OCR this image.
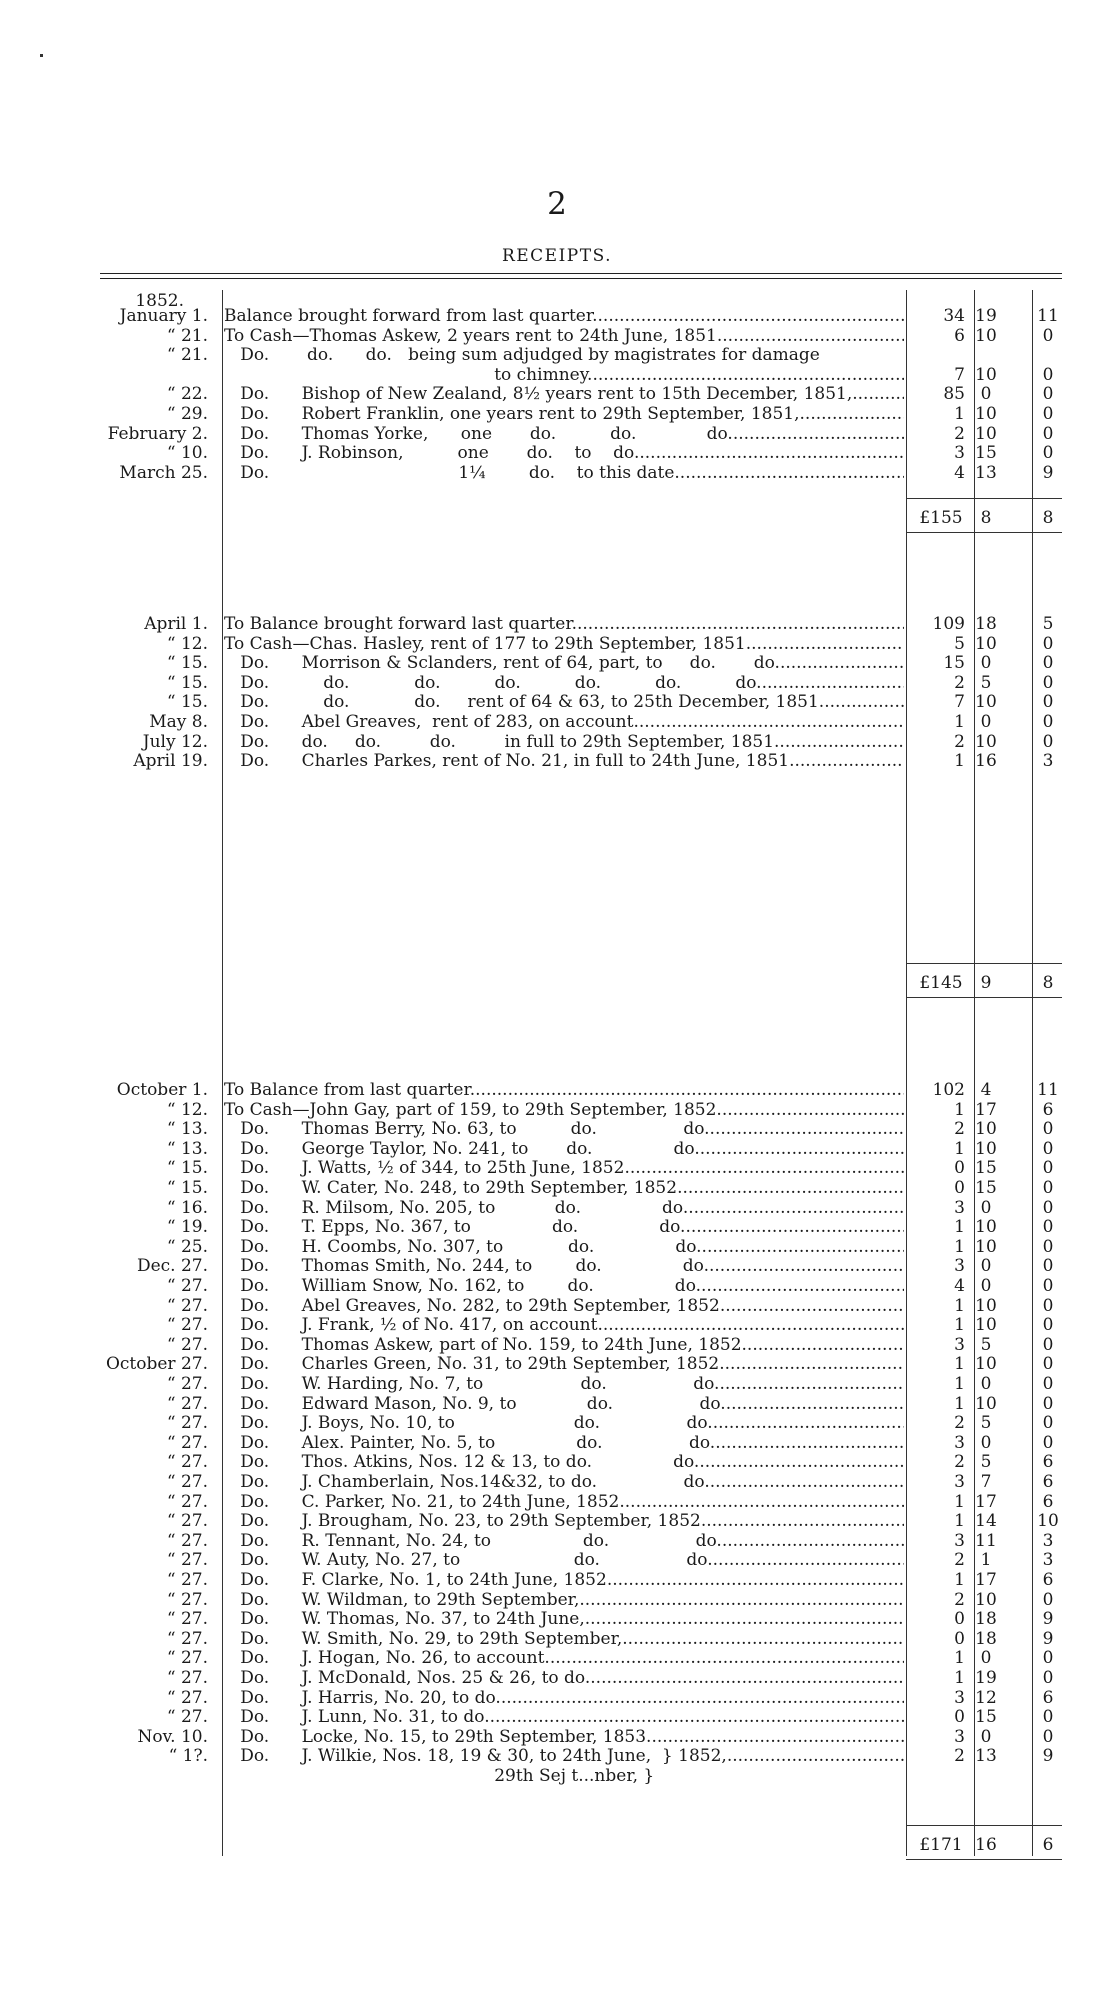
2
RECEIPTS.
1852.
January 1. Balance brought forward from last quarter .....	34 19	11
“ 21. To Cash—Thomas Askew, 2 years rent to 24th June, 1851 .....	6 10	0
“ 21. Do.       do.      do.   being sum adjudged by magistrates for damage
to chimney .....	7 10	0
“ 22. Do.      Bishop of New Zealand, 8½ years rent to 15th December, 1851, .....	85 0	0
“ 29. Do.      Robert Franklin, one years rent to 29th September, 1851, .....	1 10	0
February 2. Do.      Thomas Yorke,      one       do.          do.             do. .....	2 10	0
“ 10. Do.      J. Robinson,          one       do.    to    do. .....	3 15	0
March 25. Do.                                   1¼        do.    to this date .....	4 13	9
£155	8	8
April 1. To Balance brought forward last quarter .....	109 18	5
“ 12. To Cash—Chas. Hasley, rent of 177 to 29th September, 1851 .....	5 10	0
“ 15. Do.      Morrison & Sclanders, rent of 64, part, to     do.       do. .....	15 0	0
“ 15. Do.          do.            do.          do.          do.          do.          do. .....	2 5	0
“ 15. Do.          do.            do.     rent of 64 & 63, to 25th December, 1851 .....	7 10	0
May 8. Do.      Abel Greaves,  rent of 283, on account .....	1 0	0
July 12. Do.      do.     do.         do.         in full to 29th September, 1851 .....	2 10	0
April 19. Do.      Charles Parkes, rent of No. 21, in full to 24th June, 1851 .....	1 16	3
£145	9	8
October 1. To Balance from last quarter .....	102 4	11
“ 12. To Cash—John Gay, part of 159, to 29th September, 1852 .....	1 17	6
“ 13. Do.      Thomas Berry, No. 63, to          do.                do. .....	2 10	0
“ 13. Do.      George Taylor, No. 241, to       do.               do. .....	1 10	0
“ 15. Do.      J. Watts, ½ of 344, to 25th June, 1852 .....	0 15	0
“ 15. Do.      W. Cater, No. 248, to 29th September, 1852 .....	0 15	0
“ 16. Do.      R. Milsom, No. 205, to           do.               do. .....	3 0	0
“ 19. Do.      T. Epps, No. 367, to               do.               do. .....	1 10	0
“ 25. Do.      H. Coombs, No. 307, to            do.               do. .....	1 10	0
Dec. 27. Do.      Thomas Smith, No. 244, to        do.               do. .....	3 0	0
“ 27. Do.      William Snow, No. 162, to        do.               do. .....	4 0	0
“ 27. Do.      Abel Greaves, No. 282, to 29th September, 1852 .....	1 10	0
“ 27. Do.      J. Frank, ½ of No. 417, on account .....	1 10	0
“ 27. Do.      Thomas Askew, part of No. 159, to 24th June, 1852 .....	3 5	0
October 27. Do.      Charles Green, No. 31, to 29th September, 1852 .....	1 10	0
“ 27. Do.      W. Harding, No. 7, to                  do.                do. .....	1 0	0
“ 27. Do.      Edward Mason, No. 9, to             do.                do. .....	1 10	0
“ 27. Do.      J. Boys, No. 10, to                      do.                do. .....	2 5	0
“ 27. Do.      Alex. Painter, No. 5, to               do.                do. .....	3 0	0
“ 27. Do.      Thos. Atkins, Nos. 12 & 13, to do.               do. .....	2 5	6
“ 27. Do.      J. Chamberlain, Nos.14&32, to do.                do. .....	3 7	6
“ 27. Do.      C. Parker, No. 21, to 24th June, 1852 .....	1 17	6
“ 27. Do.      J. Brougham, No. 23, to 29th September, 1852 .....	1 14	10
“ 27. Do.      R. Tennant, No. 24, to                 do.                do. .....	3 11	3
“ 27. Do.      W. Auty, No. 27, to                     do.                do. .....	2 1	3
“ 27. Do.      F. Clarke, No. 1, to 24th June, 1852 .....	1 17	6
“ 27. Do.      W. Wildman, to 29th September, .....	2 10	0
“ 27. Do.      W. Thomas, No. 37, to 24th June, .....	0 18	9
“ 27. Do.      W. Smith, No. 29, to 29th September, .....	0 18	9
“ 27. Do.      J. Hogan, No. 26, to account .....	1 0	0
“ 27. Do.      J. McDonald, Nos. 25 & 26, to do. .....	1 19	0
“ 27. Do.      J. Harris, No. 20, to do. .....	3 12	6
“ 27. Do.      J. Lunn, No. 31, to do. .....	0 15	0
Nov. 10. Do.      Locke, No. 15, to 29th September, 1853 .....	3 0	0
“ 1?. Do.      J. Wilkie, Nos. 18, 19 & 30, to 24th June,  } 1852, .....	2 13	9
29th Sej t...nber, }
£171 16	6
